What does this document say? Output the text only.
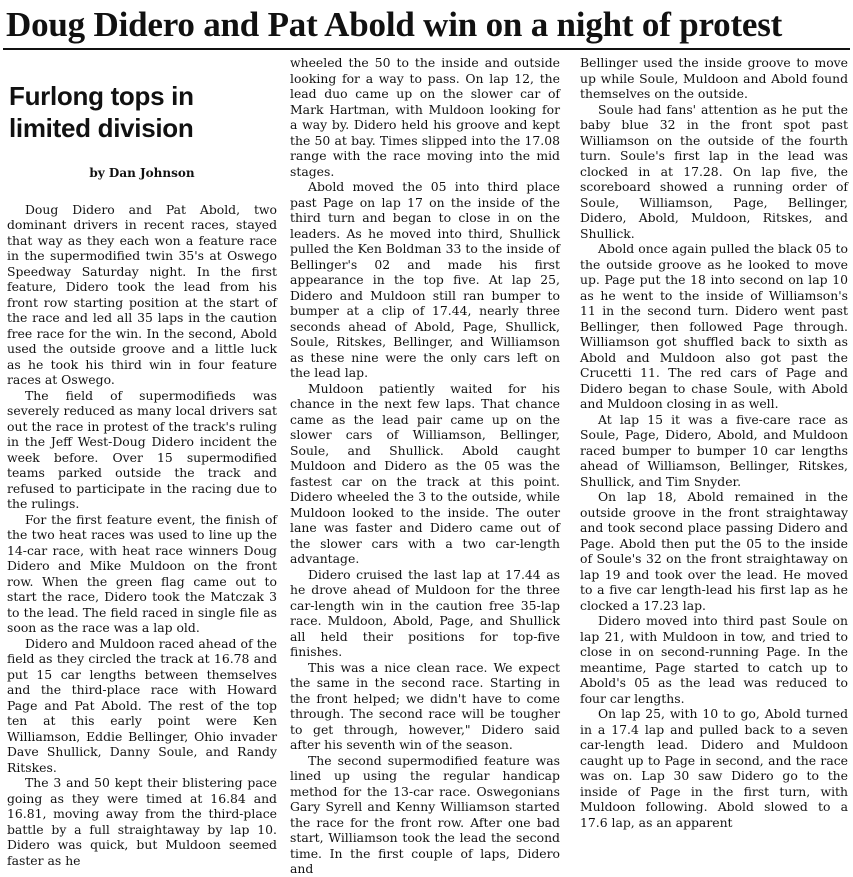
Doug Didero and Pat Abold win on a night of protest
Furlong tops in limited division
by Dan Johnson

Doug Didero and Pat Abold, two dominant drivers in recent races, stayed that way as they each won a feature race in the supermodified twin 35's at Oswego Speedway Saturday night. In the first feature, Didero took the lead from his front row starting position at the start of the race and led all 35 laps in the caution free race for the win. In the second, Abold used the outside groove and a little luck as he took his third win in four feature races at Oswego.

The field of supermodifieds was severely reduced as many local drivers sat out the race in protest of the track's ruling in the Jeff West-Doug Didero incident the week before. Over 15 supermodified teams parked outside the track and refused to participate in the racing due to the rulings.

For the first feature event, the finish of the two heat races was used to line up the 14-car race, with heat race winners Doug Didero and Mike Muldoon on the front row. When the green flag came out to start the race, Didero took the Matczak 3 to the lead. The field raced in single file as soon as the race was a lap old.

Didero and Muldoon raced ahead of the field as they circled the track at 16.78 and put 15 car lengths between themselves and the third-place race with Howard Page and Pat Abold. The rest of the top ten at this early point were Ken Williamson, Eddie Bellinger, Ohio invader Dave Shullick, Danny Soule, and Randy Ritskes.

The 3 and 50 kept their blistering pace going as they were timed at 16.84 and 16.81, moving away from the third-place battle by a full straightaway by lap 10. Didero was quick, but Muldoon seemed faster as he

wheeled the 50 to the inside and outside looking for a way to pass. On lap 12, the lead duo came up on the slower car of Mark Hartman, with Muldoon looking for a way by. Didero held his groove and kept the 50 at bay. Times slipped into the 17.08 range with the race moving into the mid stages.

Abold moved the 05 into third place past Page on lap 17 on the inside of the third turn and began to close in on the leaders. As he moved into third, Shullick pulled the Ken Boldman 33 to the inside of Bellinger's 02 and made his first appearance in the top five. At lap 25, Didero and Muldoon still ran bumper to bumper at a clip of 17.44, nearly three seconds ahead of Abold, Page, Shullick, Soule, Ritskes, Bellinger, and Williamson as these nine were the only cars left on the lead lap.

Muldoon patiently waited for his chance in the next few laps. That chance came as the lead pair came up on the slower cars of Williamson, Bellinger, Soule, and Shullick. Abold caught Muldoon and Didero as the 05 was the fastest car on the track at this point. Didero wheeled the 3 to the outside, while Muldoon looked to the inside. The outer lane was faster and Didero came out of the slower cars with a two car-length advantage.

Didero cruised the last lap at 17.44 as he drove ahead of Muldoon for the three car-length win in the caution free 35-lap race. Muldoon, Abold, Page, and Shullick all held their positions for top-five finishes.

This was a nice clean race. We expect the same in the second race. Starting in the front helped; we didn't have to come through. The second race will be tougher to get through, however," Didero said after his seventh win of the season.

The second supermodified feature was lined up using the regular handicap method for the 13-car race. Oswegonians Gary Syrell and Kenny Williamson started the race for the front row. After one bad start, Williamson took the lead the second time. In the first couple of laps, Didero and

Bellinger used the inside groove to move up while Soule, Muldoon and Abold found themselves on the outside.

Soule had fans' attention as he put the baby blue 32 in the front spot past Williamson on the outside of the fourth turn. Soule's first lap in the lead was clocked in at 17.28. On lap five, the scoreboard showed a running order of Soule, Williamson, Page, Bellinger, Didero, Abold, Muldoon, Ritskes, and Shullick.

Abold once again pulled the black 05 to the outside groove as he looked to move up. Page put the 18 into second on lap 10 as he went to the inside of Williamson's 11 in the second turn. Didero went past Bellinger, then followed Page through. Williamson got shuffled back to sixth as Abold and Muldoon also got past the Crucetti 11. The red cars of Page and Didero began to chase Soule, with Abold and Muldoon closing in as well.

At lap 15 it was a five-care race as Soule, Page, Didero, Abold, and Muldoon raced bumper to bumper 10 car lengths ahead of Williamson, Bellinger, Ritskes, Shullick, and Tim Snyder.

On lap 18, Abold remained in the outside groove in the front straightaway and took second place passing Didero and Page. Abold then put the 05 to the inside of Soule's 32 on the front straightaway on lap 19 and took over the lead. He moved to a five car length-lead his first lap as he clocked a 17.23 lap.

Didero moved into third past Soule on lap 21, with Muldoon in tow, and tried to close in on second-running Page. In the meantime, Page started to catch up to Abold's 05 as the lead was reduced to four car lengths.

On lap 25, with 10 to go, Abold turned in a 17.4 lap and pulled back to a seven car-length lead. Didero and Muldoon caught up to Page in second, and the race was on. Lap 30 saw Didero go to the inside of Page in the first turn, with Muldoon following. Abold slowed to a 17.6 lap, as an apparent
